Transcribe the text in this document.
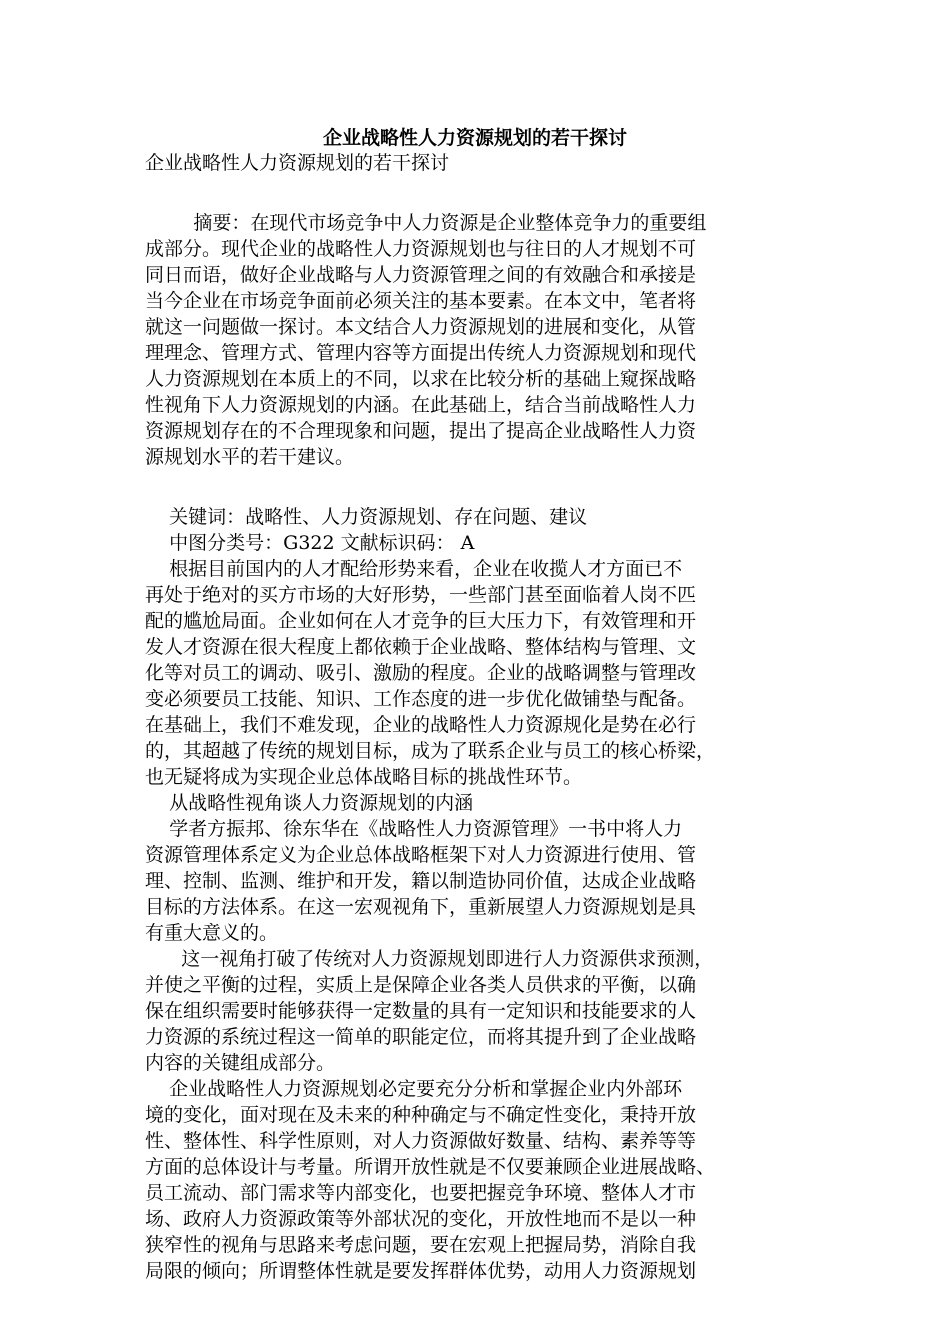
企业战略性人力资源规划的若干探讨
企业战略性人力资源规划的若干探讨
摘要：在现代市场竞争中人力资源是企业整体竞争力的重要组
成部分。现代企业的战略性人力资源规划也与往日的人才规划不可
同日而语，做好企业战略与人力资源管理之间的有效融合和承接是
当今企业在市场竞争面前必须关注的基本要素。在本文中，笔者将
就这一问题做一探讨。本文结合人力资源规划的进展和变化，从管
理理念、管理方式、管理内容等方面提出传统人力资源规划和现代
人力资源规划在本质上的不同，以求在比较分析的基础上窥探战略
性视角下人力资源规划的内涵。在此基础上，结合当前战略性人力
资源规划存在的不合理现象和问题，提出了提高企业战略性人力资
源规划水平的若干建议。
关键词：战略性、人力资源规划、存在问题、建议
中图分类号：G322 文献标识码： A
根据目前国内的人才配给形势来看，企业在收揽人才方面已不
再处于绝对的买方市场的大好形势，一些部门甚至面临着人岗不匹
配的尴尬局面。企业如何在人才竞争的巨大压力下，有效管理和开
发人才资源在很大程度上都依赖于企业战略、整体结构与管理、文
化等对员工的调动、吸引、激励的程度。企业的战略调整与管理改
变必须要员工技能、知识、工作态度的进一步优化做铺垫与配备。
在基础上，我们不难发现，企业的战略性人力资源规化是势在必行
的，其超越了传统的规划目标，成为了联系企业与员工的核心桥梁，
也无疑将成为实现企业总体战略目标的挑战性环节。
从战略性视角谈人力资源规划的内涵
学者方振邦、徐东华在《战略性人力资源管理》一书中将人力
资源管理体系定义为企业总体战略框架下对人力资源进行使用、管
理、控制、监测、维护和开发，籍以制造协同价值，达成企业战略
目标的方法体系。在这一宏观视角下，重新展望人力资源规划是具
有重大意义的。
这一视角打破了传统对人力资源规划即进行人力资源供求预测，
并使之平衡的过程，实质上是保障企业各类人员供求的平衡，以确
保在组织需要时能够获得一定数量的具有一定知识和技能要求的人
力资源的系统过程这一简单的职能定位，而将其提升到了企业战略
内容的关键组成部分。
企业战略性人力资源规划必定要充分分析和掌握企业内外部环
境的变化，面对现在及未来的种种确定与不确定性变化，秉持开放
性、整体性、科学性原则，对人力资源做好数量、结构、素养等等
方面的总体设计与考量。所谓开放性就是不仅要兼顾企业进展战略、
员工流动、部门需求等内部变化，也要把握竞争环境、整体人才市
场、政府人力资源政策等外部状况的变化，开放性地而不是以一种
狭窄性的视角与思路来考虑问题，要在宏观上把握局势，消除自我
局限的倾向；所谓整体性就是要发挥群体优势，动用人力资源规划
